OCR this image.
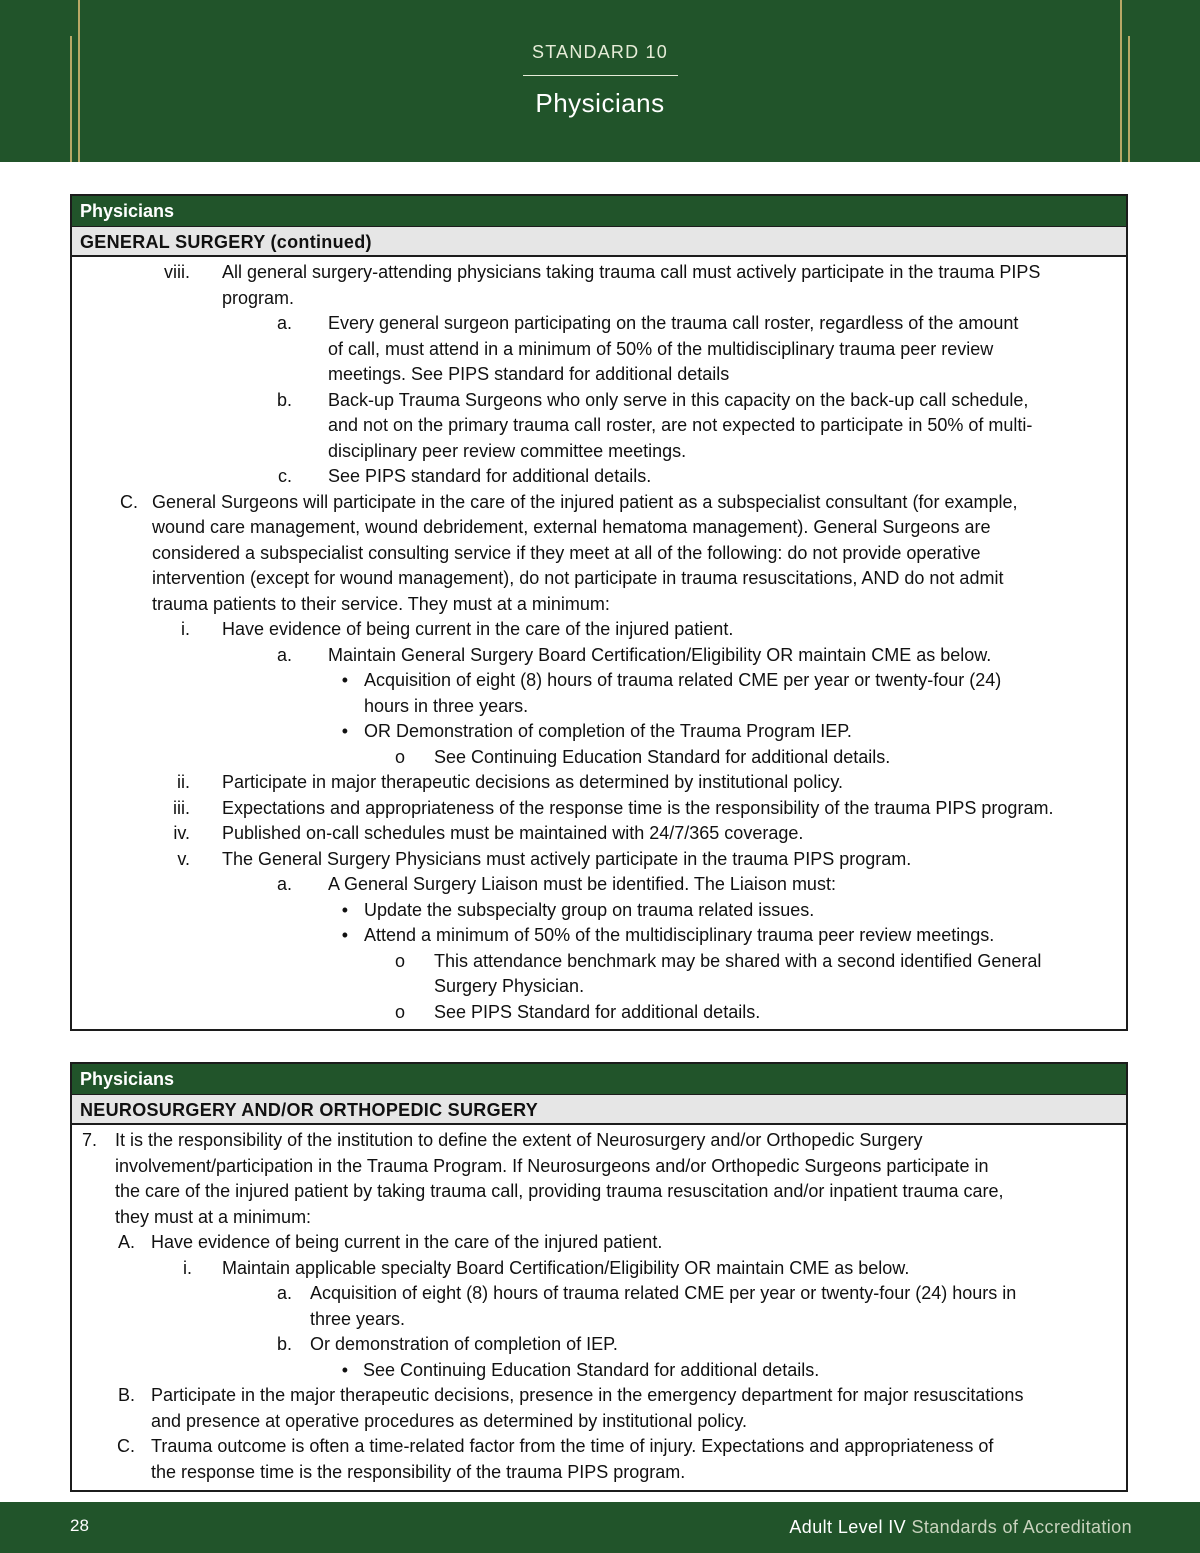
STANDARD 10
Physicians
Physicians
GENERAL SURGERY (continued)
viii. All general surgery-attending physicians taking trauma call must actively participate in the trauma PIPS
program.
a. Every general surgeon participating on the trauma call roster, regardless of the amount
of call, must attend in a minimum of 50% of the multidisciplinary trauma peer review
meetings. See PIPS standard for additional details
b. Back-up Trauma Surgeons who only serve in this capacity on the back-up call schedule,
and not on the primary trauma call roster, are not expected to participate in 50% of multi-
disciplinary peer review committee meetings.
c. See PIPS standard for additional details.
C. General Surgeons will participate in the care of the injured patient as a subspecialist consultant (for example,
wound care management, wound debridement, external hematoma management). General Surgeons are
considered a subspecialist consulting service if they meet at all of the following: do not provide operative
intervention (except for wound management), do not participate in trauma resuscitations, AND do not admit
trauma patients to their service. They must at a minimum:
i. Have evidence of being current in the care of the injured patient.
a. Maintain General Surgery Board Certification/Eligibility OR maintain CME as below.
• Acquisition of eight (8) hours of trauma related CME per year or twenty-four (24)
hours in three years.
• OR Demonstration of completion of the Trauma Program IEP.
o See Continuing Education Standard for additional details.
ii. Participate in major therapeutic decisions as determined by institutional policy.
iii. Expectations and appropriateness of the response time is the responsibility of the trauma PIPS program.
iv. Published on-call schedules must be maintained with 24/7/365 coverage.
v. The General Surgery Physicians must actively participate in the trauma PIPS program.
a. A General Surgery Liaison must be identified. The Liaison must:
• Update the subspecialty group on trauma related issues.
• Attend a minimum of 50% of the multidisciplinary trauma peer review meetings.
o This attendance benchmark may be shared with a second identified General
Surgery Physician.
o See PIPS Standard for additional details.
Physicians
NEUROSURGERY AND/OR ORTHOPEDIC SURGERY
7. It is the responsibility of the institution to define the extent of Neurosurgery and/or Orthopedic Surgery
involvement/participation in the Trauma Program. If Neurosurgeons and/or Orthopedic Surgeons participate in
the care of the injured patient by taking trauma call, providing trauma resuscitation and/or inpatient trauma care,
they must at a minimum:
A. Have evidence of being current in the care of the injured patient.
i. Maintain applicable specialty Board Certification/Eligibility OR maintain CME as below.
a. Acquisition of eight (8) hours of trauma related CME per year or twenty-four (24) hours in
three years.
b. Or demonstration of completion of IEP.
• See Continuing Education Standard for additional details.
B. Participate in the major therapeutic decisions, presence in the emergency department for major resuscitations
and presence at operative procedures as determined by institutional policy.
C. Trauma outcome is often a time-related factor from the time of injury. Expectations and appropriateness of
the response time is the responsibility of the trauma PIPS program.
28	Adult Level IV Standards of Accreditation
